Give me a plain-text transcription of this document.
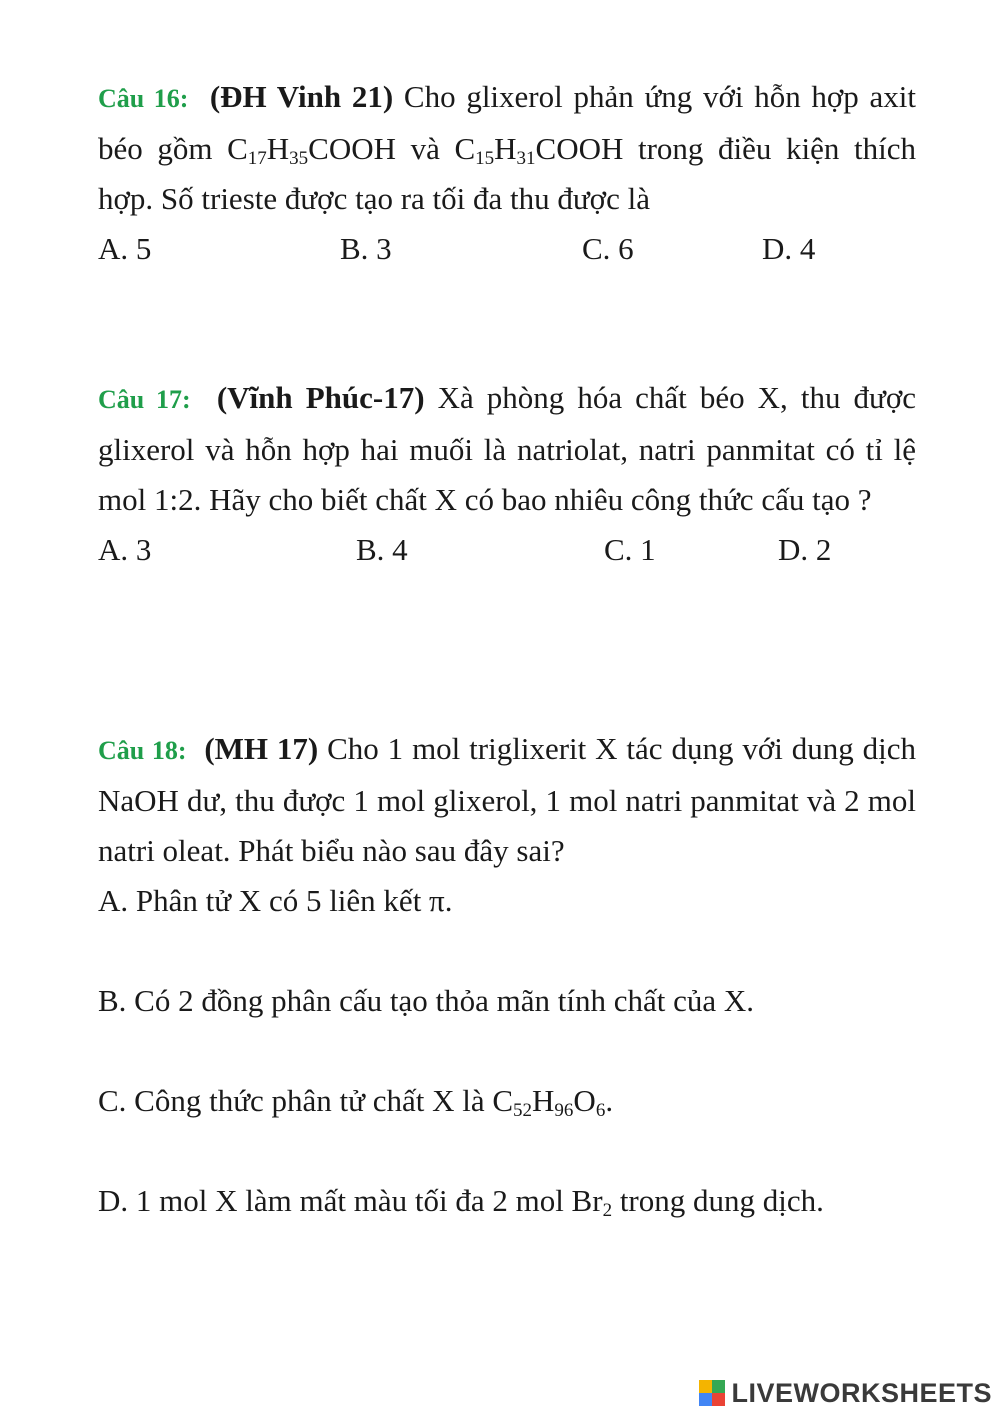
Câu 16: (ĐH Vinh 21) Cho glixerol phản ứng với hỗn hợp axit béo gồm $C_{17}H_{35}COOH$ và $C_{15}H_{31}COOH$ trong điều kiện thích hợp. Số trieste được tạo ra tối đa thu được là

A. 5	B. 3	C. 6	D. 4

Câu 17: (Vĩnh Phúc-17) Xà phòng hóa chất béo X, thu được glixerol và hỗn hợp hai muối là natriolat, natri panmitat có tỉ lệ mol 1:2. Hãy cho biết chất X có bao nhiêu công thức cấu tạo ?

A. 3	B. 4	C. 1	D. 2

Câu 18: (MH 17) Cho 1 mol triglixerit X tác dụng với dung dịch NaOH dư, thu được 1 mol glixerol, 1 mol natri panmitat và 2 mol natri oleat. Phát biểu nào sau đây sai?

A. Phân tử X có 5 liên kết π.
B. Có 2 đồng phân cấu tạo thỏa mãn tính chất của X.
C. Công thức phân tử chất X là $C_{52}H_{96}O_6$.
D. 1 mol X làm mất màu tối đa 2 mol $Br_2$ trong dung dịch.
LIVEWORKSHEETS
